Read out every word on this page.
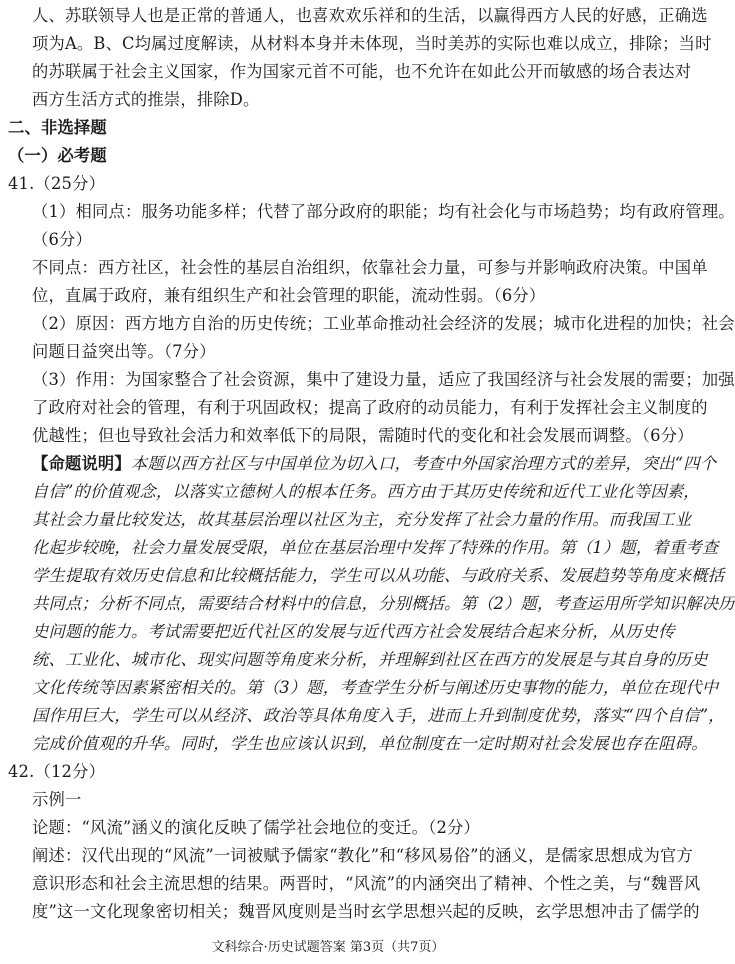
人、苏联领导人也是正常的普通人，也喜欢欢乐祥和的生活，以赢得西方人民的好感，正确选
项为A。B、C均属过度解读，从材料本身并未体现，当时美苏的实际也难以成立，排除；当时
的苏联属于社会主义国家，作为国家元首不可能，也不允许在如此公开而敏感的场合表达对
西方生活方式的推崇，排除D。
二、非选择题
（一）必考题
41.（25分）
（1）相同点：服务功能多样；代替了部分政府的职能；均有社会化与市场趋势；均有政府管理。
（6分）
不同点：西方社区，社会性的基层自治组织，依靠社会力量，可参与并影响政府决策。中国单
位，直属于政府，兼有组织生产和社会管理的职能，流动性弱。（6分）
（2）原因：西方地方自治的历史传统；工业革命推动社会经济的发展；城市化进程的加快；社会
问题日益突出等。（7分）
（3）作用：为国家整合了社会资源，集中了建设力量，适应了我国经济与社会发展的需要；加强
了政府对社会的管理，有利于巩固政权；提高了政府的动员能力，有利于发挥社会主义制度的
优越性；但也导致社会活力和效率低下的局限，需随时代的变化和社会发展而调整。（6分）
【命题说明】本题以西方社区与中国单位为切入口，考查中外国家治理方式的差异，突出“四个
自信”的价值观念，以落实立德树人的根本任务。西方由于其历史传统和近代工业化等因素，
其社会力量比较发达，故其基层治理以社区为主，充分发挥了社会力量的作用。而我国工业
化起步较晚，社会力量发展受限，单位在基层治理中发挥了特殊的作用。第（1）题，着重考查
学生提取有效历史信息和比较概括能力，学生可以从功能、与政府关系、发展趋势等角度来概括
共同点；分析不同点，需要结合材料中的信息，分别概括。第（2）题，考查运用所学知识解决历
史问题的能力。考试需要把近代社区的发展与近代西方社会发展结合起来分析，从历史传
统、工业化、城市化、现实问题等角度来分析，并理解到社区在西方的发展是与其自身的历史
文化传统等因素紧密相关的。第（3）题，考查学生分析与阐述历史事物的能力，单位在现代中
国作用巨大，学生可以从经济、政治等具体角度入手，进而上升到制度优势，落实“四个自信”，
完成价值观的升华。同时，学生也应该认识到，单位制度在一定时期对社会发展也存在阻碍。
42.（12分）
示例一
论题：“风流”涵义的演化反映了儒学社会地位的变迁。（2分）
阐述：汉代出现的“风流”一词被赋予儒家“教化”和“移风易俗”的涵义，是儒家思想成为官方
意识形态和社会主流思想的结果。两晋时，“风流”的内涵突出了精神、个性之美，与“魏晋风
度”这一文化现象密切相关；魏晋风度则是当时玄学思想兴起的反映，玄学思想冲击了儒学的
文科综合·历史试题答案 第3页（共7页）
